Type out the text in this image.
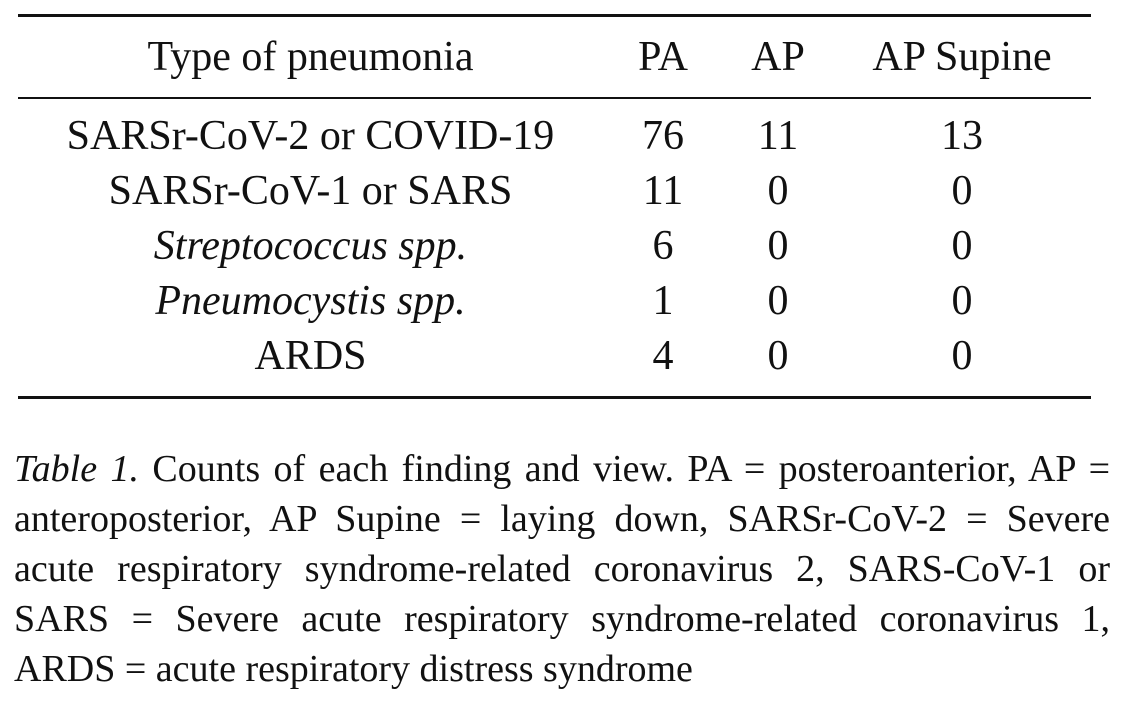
Type of pneumonia	PA	AP	AP Supine
SARSr-CoV-2 or COVID-19	76	11	13
SARSr-CoV-1 or SARS	11	0	0
Streptococcus spp.	6	0	0
Pneumocystis spp.	1	0	0
ARDS	4	0	0
Table 1. Counts of each finding and view. PA = posteroanterior, AP = anteroposterior, AP Supine = laying down, SARSr-CoV-2 = Severe acute respiratory syndrome-related coronavirus 2, SARS-CoV-1 or SARS = Severe acute respiratory syndrome-related coronavirus 1, ARDS = acute respiratory distress syndrome
